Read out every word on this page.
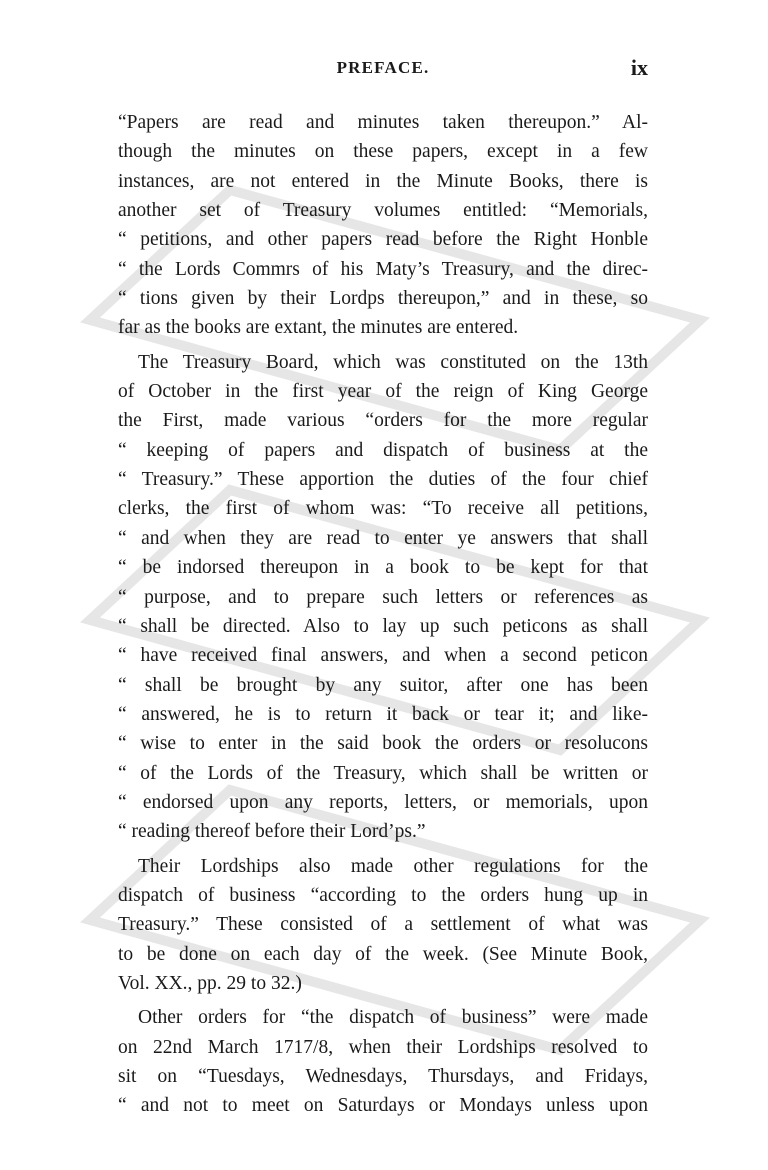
PREFACE.	ix
“Papers are read and minutes taken thereupon.” Al-
though the minutes on these papers, except in a few
instances, are not entered in the Minute Books, there is
another set of Treasury volumes entitled: “Memorials,
“ petitions, and other papers read before the Right Honble
“ the Lords Commrs of his Maty’s Treasury, and the direc-
“ tions given by their Lordps thereupon,” and in these, so
far as the books are extant, the minutes are entered.
The Treasury Board, which was constituted on the 13th
of October in the first year of the reign of King George
the First, made various “orders for the more regular
“ keeping of papers and dispatch of business at the
“ Treasury.” These apportion the duties of the four chief
clerks, the first of whom was: “To receive all petitions,
“ and when they are read to enter ye answers that shall
“ be indorsed thereupon in a book to be kept for that
“ purpose, and to prepare such letters or references as
“ shall be directed. Also to lay up such peticons as shall
“ have received final answers, and when a second peticon
“ shall be brought by any suitor, after one has been
“ answered, he is to return it back or tear it; and like-
“ wise to enter in the said book the orders or resolucons
“ of the Lords of the Treasury, which shall be written or
“ endorsed upon any reports, letters, or memorials, upon
“ reading thereof before their Lord’ps.”
Their Lordships also made other regulations for the
dispatch of business “according to the orders hung up in
Treasury.” These consisted of a settlement of what was
to be done on each day of the week. (See Minute Book,
Vol. XX., pp. 29 to 32.)
Other orders for “the dispatch of business” were made
on 22nd March 1717/8, when their Lordships resolved to
sit on “Tuesdays, Wednesdays, Thursdays, and Fridays,
“ and not to meet on Saturdays or Mondays unless upon
